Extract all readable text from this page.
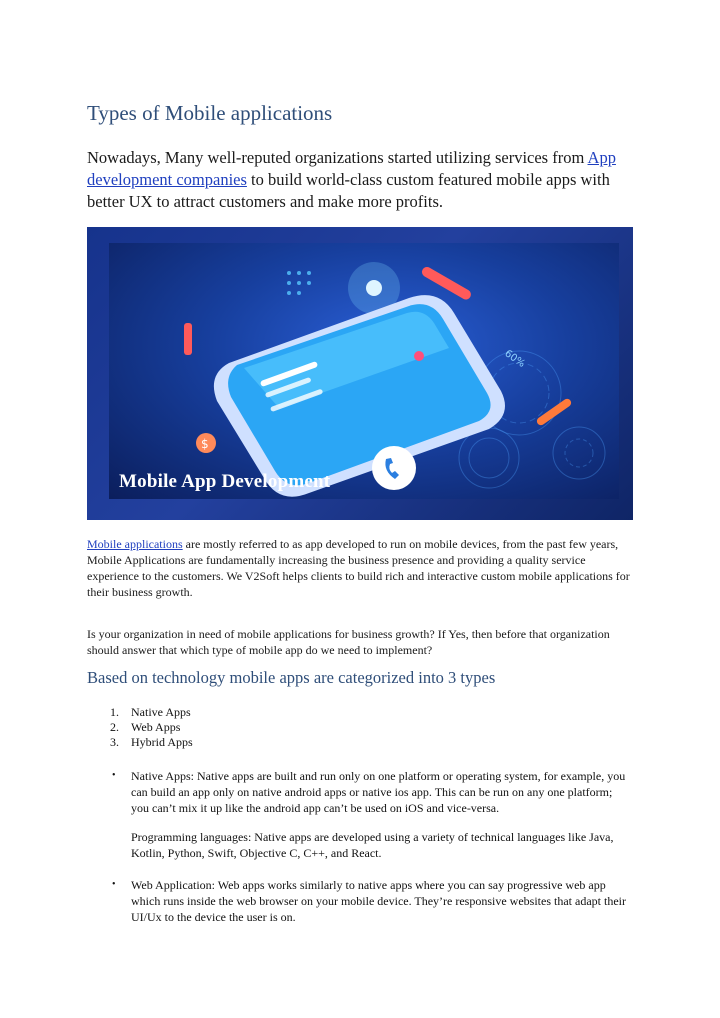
Types of Mobile applications

Nowadays, Many well-reputed organizations started utilizing services from App development companies to build world-class custom featured mobile apps with better UX to attract customers and make more profits.

$
60%
Mobile App Development

Mobile applications are mostly referred to as app developed to run on mobile devices, from the past few years, Mobile Applications are fundamentally increasing the business presence and providing a quality service experience to the customers. We V2Soft helps clients to build rich and interactive custom mobile applications for their business growth.

Is your organization in need of mobile applications for business growth? If Yes, then before that organization should answer that which type of mobile app do we need to implement?

Based on technology mobile apps are categorized into 3 types
1.	Native Apps
2.	Web Apps
3.	Hybrid Apps
• Native Apps: Native apps are built and run only on one platform or operating system, for example, you can build an app only on native android apps or native ios app. This can be run on any one platform; you can’t mix it up like the android app can’t be used on iOS and vice-versa.

Programming languages: Native apps are developed using a variety of technical languages like Java, Kotlin, Python, Swift, Objective C, C++, and React.

• Web Application: Web apps works similarly to native apps where you can say progressive web app which runs inside the web browser on your mobile device. They’re responsive websites that adapt their UI/Ux to the device the user is on.
